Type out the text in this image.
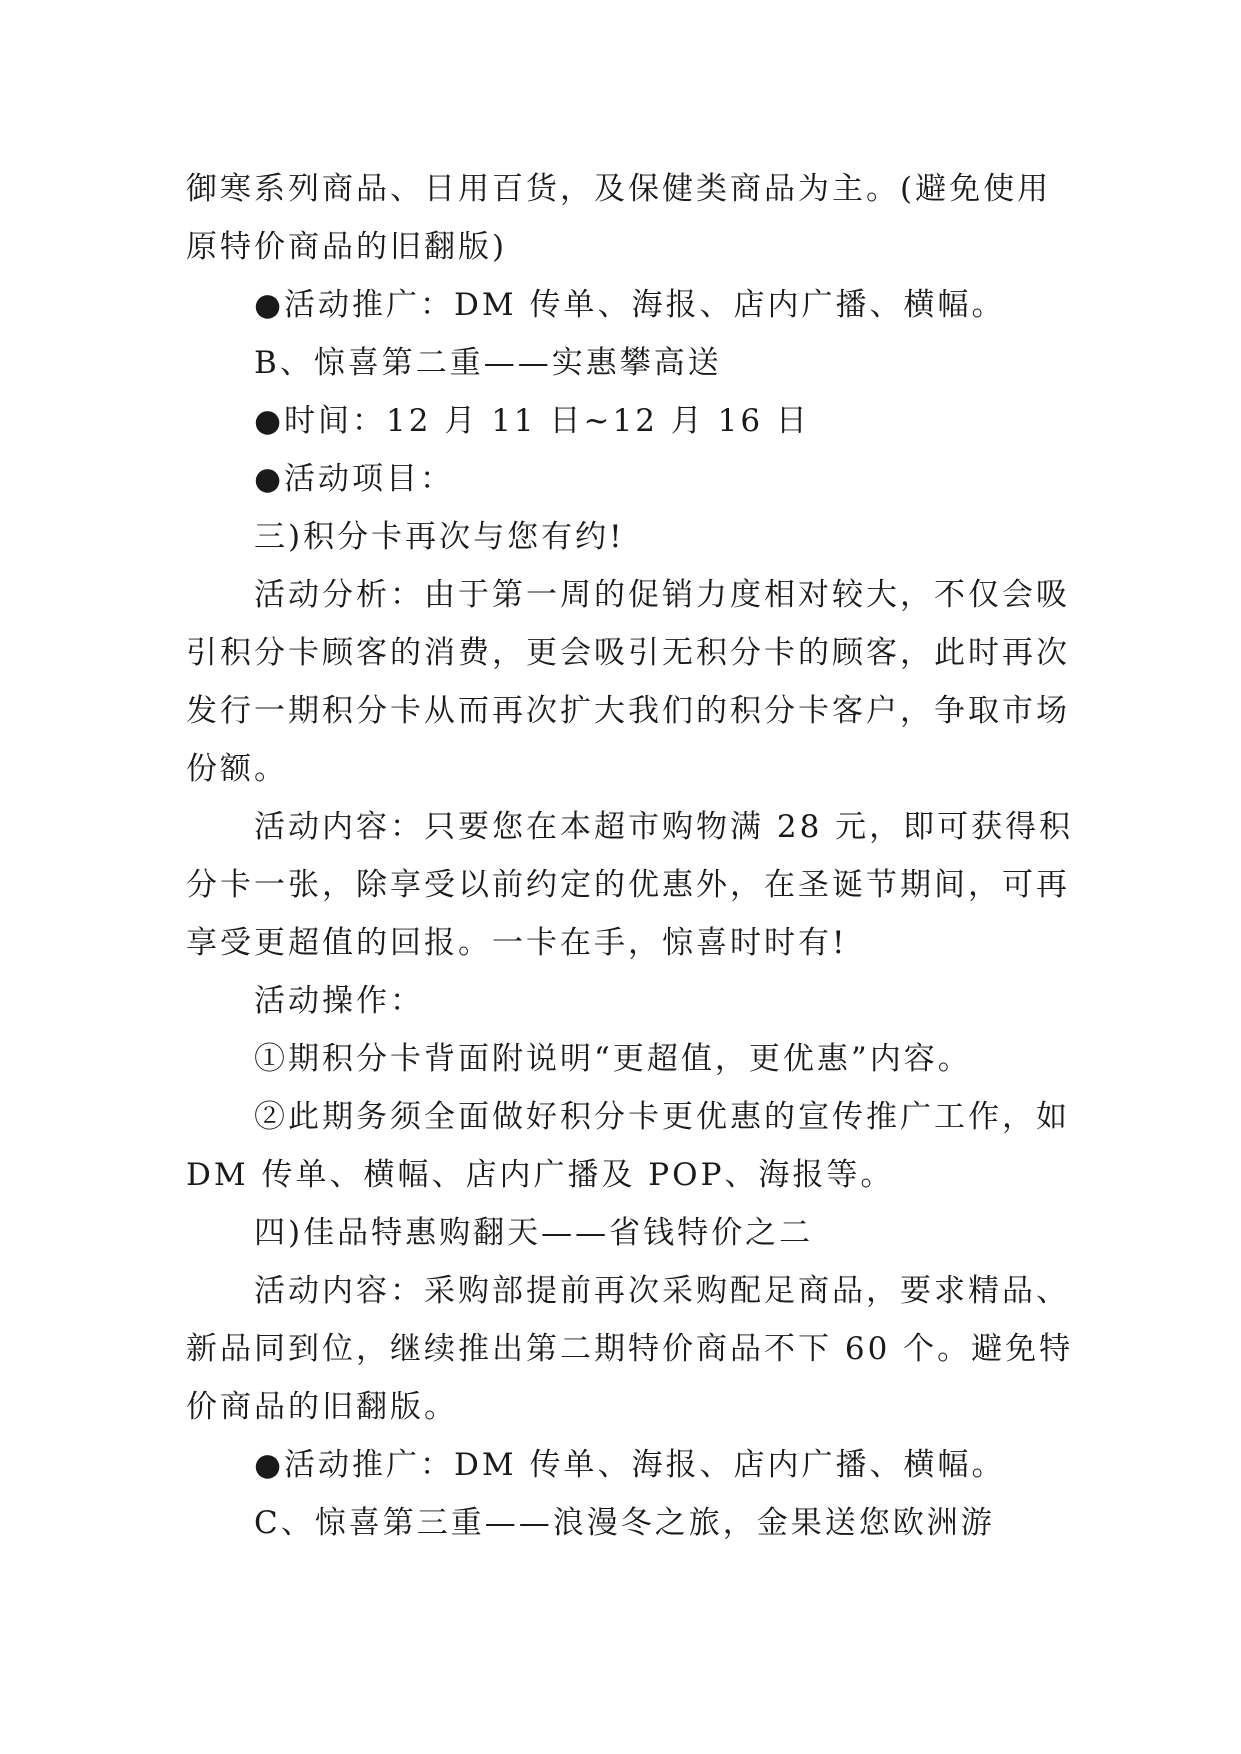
御寒系列商品、日用百货，及保健类商品为主。(避免使用
原特价商品的旧翻版)
●活动推广：DM 传单、海报、店内广播、横幅。
B、惊喜第二重——实惠攀高送
●时间：12 月 11 日~12 月 16 日
●活动项目：
三)积分卡再次与您有约!
活动分析：由于第一周的促销力度相对较大，不仅会吸
引积分卡顾客的消费，更会吸引无积分卡的顾客，此时再次
发行一期积分卡从而再次扩大我们的积分卡客户，争取市场
份额。
活动内容：只要您在本超市购物满 28 元，即可获得积
分卡一张，除享受以前约定的优惠外，在圣诞节期间，可再
享受更超值的回报。一卡在手，惊喜时时有!
活动操作：
①期积分卡背面附说明“更超值，更优惠”内容。
②此期务须全面做好积分卡更优惠的宣传推广工作，如
DM 传单、横幅、店内广播及 POP、海报等。
四)佳品特惠购翻天——省钱特价之二
活动内容：采购部提前再次采购配足商品，要求精品、
新品同到位，继续推出第二期特价商品不下 60 个。避免特
价商品的旧翻版。
●活动推广：DM 传单、海报、店内广播、横幅。
C、惊喜第三重——浪漫冬之旅，金果送您欧洲游
